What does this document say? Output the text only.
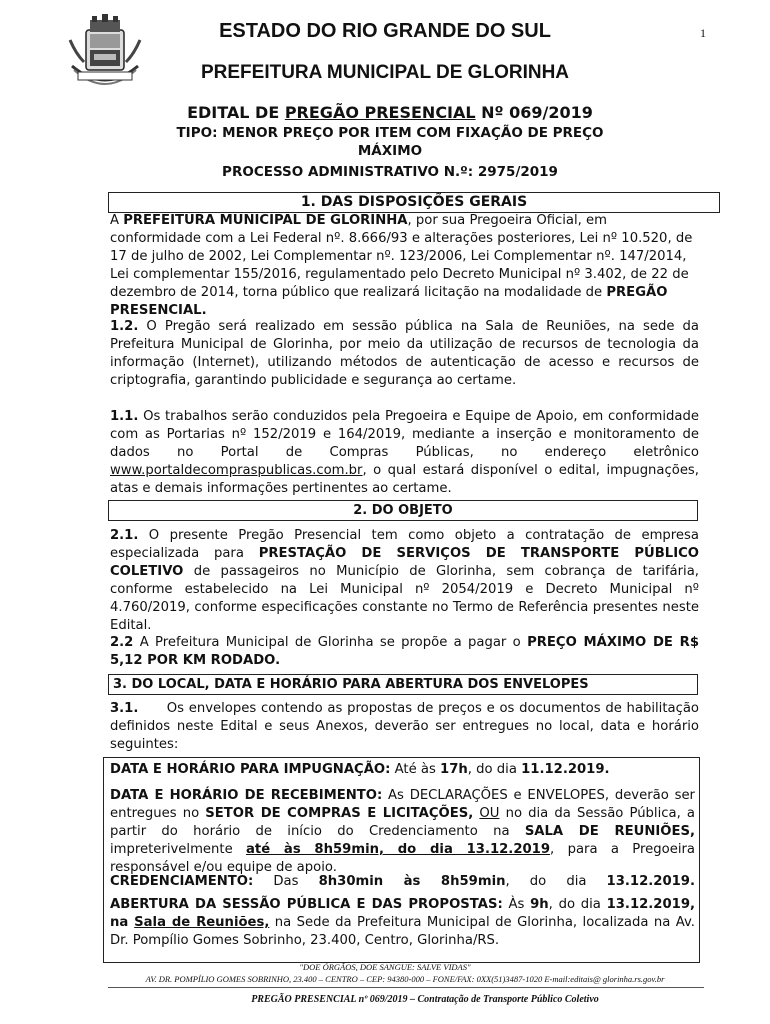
ESTADO DO RIO GRANDE DO SUL	1
PREFEITURA MUNICIPAL DE GLORINHA
EDITAL DE PREGÃO PRESENCIAL Nº 069/2019
TIPO: MENOR PREÇO POR ITEM COM FIXAÇÃO DE PREÇO
MÁXIMO
PROCESSO ADMINISTRATIVO N.º: 2975/2019
1. DAS DISPOSIÇÕES GERAIS
A PREFEITURA MUNICIPAL DE GLORINHA, por sua Pregoeira Oficial, em conformidade com a Lei Federal nº. 8.666/93 e alterações posteriores, Lei nº 10.520, de 17 de julho de 2002, Lei Complementar nº. 123/2006, Lei Complementar nº. 147/2014, Lei complementar 155/2016, regulamentado pelo Decreto Municipal nº 3.402, de 22 de dezembro de 2014, torna público que realizará licitação na modalidade de PREGÃO PRESENCIAL.
1.2. O Pregão será realizado em sessão pública na Sala de Reuniões, na sede da Prefeitura Municipal de Glorinha, por meio da utilização de recursos de tecnologia da informação (Internet), utilizando métodos de autenticação de acesso e recursos de criptografia, garantindo publicidade e segurança ao certame.
1.1. Os trabalhos serão conduzidos pela Pregoeira e Equipe de Apoio, em conformidade com as Portarias nº 152/2019 e 164/2019, mediante a inserção e monitoramento de dados no Portal de Compras Públicas, no endereço eletrônico www.portaldecompraspublicas.com.br, o qual estará disponível o edital, impugnações, atas e demais informações pertinentes ao certame.
2. DO OBJETO
2.1. O presente Pregão Presencial tem como objeto a contratação de empresa especializada para PRESTAÇÃO DE SERVIÇOS DE TRANSPORTE PÚBLICO COLETIVO de passageiros no Município de Glorinha, sem cobrança de tarifária, conforme estabelecido na Lei Municipal nº 2054/2019 e Decreto Municipal nº 4.760/2019, conforme especificações constante no Termo de Referência presentes neste Edital.
2.2 A Prefeitura Municipal de Glorinha se propõe a pagar o PREÇO MÁXIMO DE R$ 5,12 POR KM RODADO.
3. DO LOCAL, DATA E HORÁRIO PARA ABERTURA DOS ENVELOPES
3.1.      Os envelopes contendo as propostas de preços e os documentos de habilitação definidos neste Edital e seus Anexos, deverão ser entregues no local, data e horário seguintes:
DATA E HORÁRIO PARA IMPUGNAÇÃO: Até às 17h, do dia 11.12.2019.
DATA E HORÁRIO DE RECEBIMENTO: As DECLARAÇÕES e ENVELOPES, deverão ser entregues no SETOR DE COMPRAS E LICITAÇÕES, OU no dia da Sessão Pública, a partir do horário de início do Credenciamento na SALA DE REUNIÕES, impreterivelmente até às 8h59min, do dia 13.12.2019, para a Pregoeira responsável e/ou equipe de apoio.
CREDENCIAMENTO: Das 8h30min às 8h59min, do dia 13.12.2019.
ABERTURA DA SESSÃO PÚBLICA E DAS PROPOSTAS: Às 9h, do dia 13.12.2019, na Sala de Reuniões, na Sede da Prefeitura Municipal de Glorinha, localizada na Av. Dr. Pompílio Gomes Sobrinho, 23.400, Centro, Glorinha/RS.
"DOE ÓRGÃOS, DOE SANGUE: SALVE VIDAS"
AV. DR. POMPÍLIO GOMES SOBRINHO, 23.400 – CENTRO – CEP: 94380-000 – FONE/FAX: 0XX(51)3487-1020 E-mail:editais@ glorinha.rs.gov.br
PREGÃO PRESENCIAL nº 069/2019 – Contratação de Transporte Público Coletivo
